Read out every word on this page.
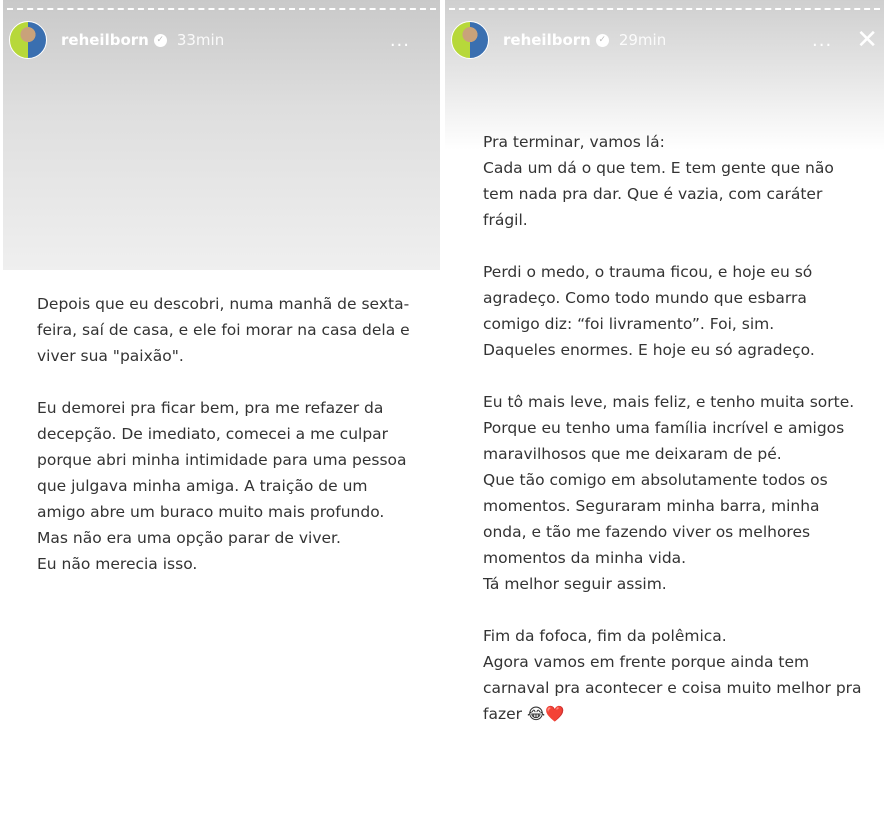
reheilborn ✓ 33min	...
Depois que eu descobri, numa manhã de sexta-
feira, saí de casa, e ele foi morar na casa dela e
viver sua "paixão".
Eu demorei pra ficar bem, pra me refazer da
decepção. De imediato, comecei a me culpar
porque abri minha intimidade para uma pessoa
que julgava minha amiga. A traição de um
amigo abre um buraco muito mais profundo.
Mas não era uma opção parar de viver.
Eu não merecia isso.
reheilborn ✓ 29min	... ✕
Pra terminar, vamos lá:
Cada um dá o que tem. E tem gente que não
tem nada pra dar. Que é vazia, com caráter
frágil.
Perdi o medo, o trauma ficou, e hoje eu só
agradeço. Como todo mundo que esbarra
comigo diz: “foi livramento”. Foi, sim.
Daqueles enormes. E hoje eu só agradeço.
Eu tô mais leve, mais feliz, e tenho muita sorte.
Porque eu tenho uma família incrível e amigos
maravilhosos que me deixaram de pé.
Que tão comigo em absolutamente todos os
momentos. Seguraram minha barra, minha
onda, e tão me fazendo viver os melhores
momentos da minha vida.
Tá melhor seguir assim.
Fim da fofoca, fim da polêmica.
Agora vamos em frente porque ainda tem
carnaval pra acontecer e coisa muito melhor pra
fazer 😂❤️
